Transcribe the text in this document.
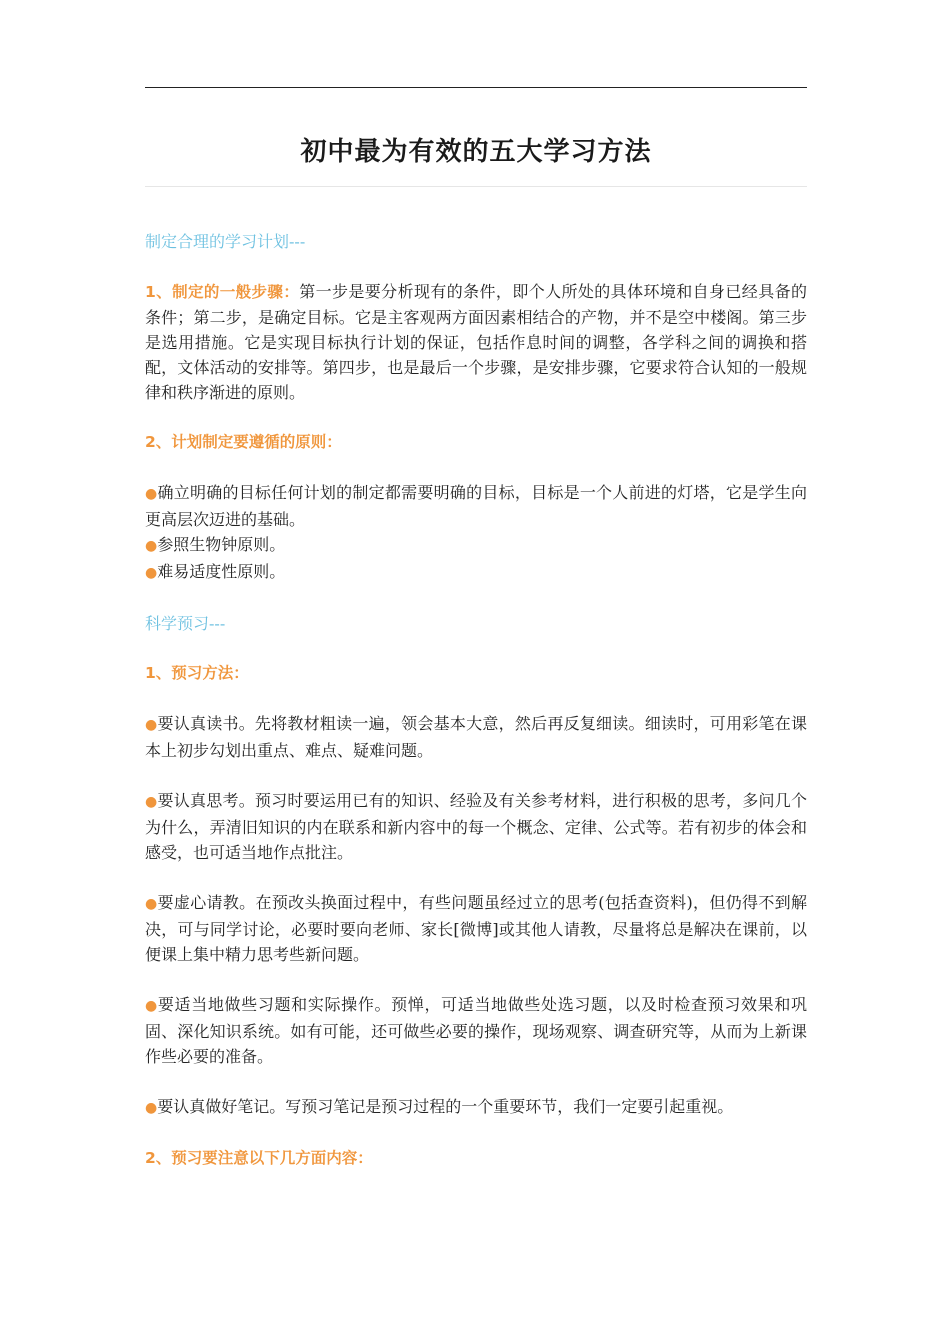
初中最为有效的五大学习方法

制定合理的学习计划---

1、制定的一般步骤：第一步是要分析现有的条件，即个人所处的具体环境和自身已经具备的条件；第二步，是确定目标。它是主客观两方面因素相结合的产物，并不是空中楼阁。第三步是选用措施。它是实现目标执行计划的保证，包括作息时间的调整，各学科之间的调换和搭配，文体活动的安排等。第四步，也是最后一个步骤，是安排步骤，它要求符合认知的一般规律和秩序渐进的原则。

2、计划制定要遵循的原则：

●确立明确的目标任何计划的制定都需要明确的目标，目标是一个人前进的灯塔，它是学生向更高层次迈进的基础。

●参照生物钟原则。

●难易适度性原则。

科学预习---

1、预习方法：

●要认真读书。先将教材粗读一遍，领会基本大意，然后再反复细读。细读时，可用彩笔在课本上初步勾划出重点、难点、疑难问题。

●要认真思考。预习时要运用已有的知识、经验及有关参考材料，进行积极的思考，多问几个为什么，弄清旧知识的内在联系和新内容中的每一个概念、定律、公式等。若有初步的体会和感受，也可适当地作点批注。

●要虚心请教。在预改头换面过程中，有些问题虽经过立的思考(包括查资料)，但仍得不到解决，可与同学讨论，必要时要向老师、家长[微博]或其他人请教，尽量将总是解决在课前，以便课上集中精力思考些新问题。

●要适当地做些习题和实际操作。预惮，可适当地做些处选习题，以及时检查预习效果和巩固、深化知识系统。如有可能，还可做些必要的操作，现场观察、调查研究等，从而为上新课作些必要的准备。

●要认真做好笔记。写预习笔记是预习过程的一个重要环节，我们一定要引起重视。

2、预习要注意以下几方面内容：
